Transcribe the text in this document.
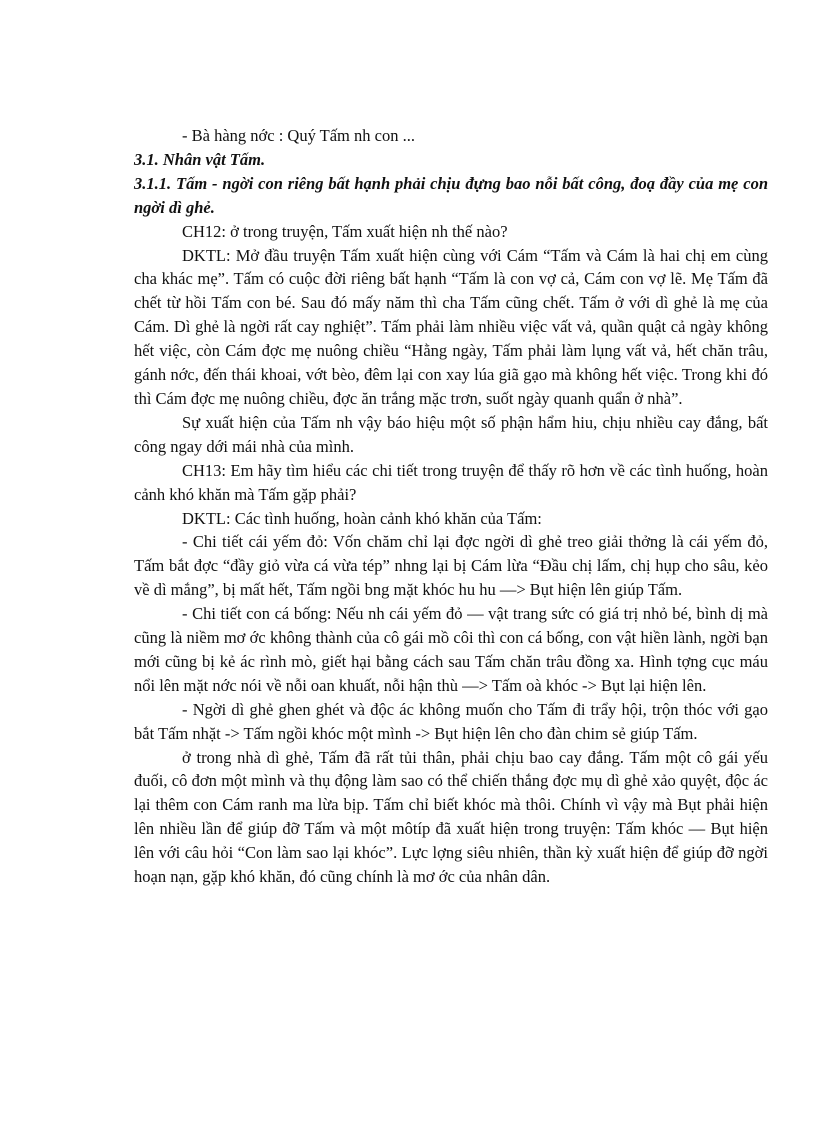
- Bà hàng nớc : Quý Tấm nh con ...

3.1. Nhân vật Tấm.

3.1.1. Tấm - ngời con riêng bất hạnh phải chịu đựng bao nỗi bất công, đoạ đầy của mẹ con ngời dì ghẻ.

CH12: ở trong truyện, Tấm xuất hiện nh thế nào?

DKTL: Mở đầu truyện Tấm xuất hiện cùng với Cám “Tấm và Cám là hai chị em cùng cha khác mẹ”. Tấm có cuộc đời riêng bất hạnh “Tấm là con vợ cả, Cám con vợ lẽ. Mẹ Tấm đã chết từ hồi Tấm con bé. Sau đó mấy năm thì cha Tấm cũng chết. Tấm ở với dì ghẻ là mẹ của Cám. Dì ghẻ là ngời rất cay nghiệt”. Tấm phải làm nhiều việc vất vả, quần quật cả ngày không hết việc, còn Cám đợc mẹ nuông chiều “Hằng ngày, Tấm phải làm lụng vất vả, hết chăn trâu, gánh nớc, đến thái khoai, vớt bèo, đêm lại con xay lúa giã gạo mà không hết việc. Trong khi đó thì Cám đợc mẹ nuông chiều, đợc ăn trắng mặc trơn, suốt ngày quanh quẩn ở nhà”.

Sự xuất hiện của Tấm nh vậy báo hiệu một số phận hẩm hiu, chịu nhiều cay đắng, bất công ngay dới mái nhà của mình.

CH13: Em hãy tìm hiểu các chi tiết trong truyện để thấy rõ hơn về các tình huống, hoàn cảnh khó khăn mà Tấm gặp phải?

DKTL: Các tình huống, hoàn cảnh khó khăn của Tấm:

- Chi tiết cái yếm đỏ: Vốn chăm chỉ lại đợc ngời dì ghẻ treo giải thởng là cái yếm đỏ, Tấm bắt đợc “đầy giỏ vừa cá vừa tép” nhng lại bị Cám lừa “Đầu chị lấm, chị hụp cho sâu, kẻo về dì mắng”, bị mất hết, Tấm ngồi bng mặt khóc hu hu —> Bụt hiện lên giúp Tấm.

- Chi tiết con cá bống: Nếu nh cái yếm đỏ — vật trang sức có giá trị nhỏ bé, bình dị mà cũng là niềm mơ ớc không thành của cô gái mồ côi thì con cá bống, con vật hiền lành, ngời bạn mới cũng bị kẻ ác rình mò, giết hại bằng cách sau Tấm chăn trâu đồng xa. Hình tợng cục máu nổi lên mặt nớc nói về nỗi oan khuất, nỗi hận thù —> Tấm oà khóc -> Bụt lại hiện lên.

- Ngời dì ghẻ ghen ghét và độc ác không muốn cho Tấm đi trẩy hội, trộn thóc với gạo bắt Tấm nhặt -> Tấm ngồi khóc một mình -> Bụt hiện lên cho đàn chim sẻ giúp Tấm.

ở trong nhà dì ghẻ, Tấm đã rất tủi thân, phải chịu bao cay đắng. Tấm một cô gái yếu đuối, cô đơn một mình và thụ động làm sao có thể chiến thắng đợc mụ dì ghẻ xảo quyệt, độc ác lại thêm con Cám ranh ma lừa bịp. Tấm chỉ biết khóc mà thôi. Chính vì vậy mà Bụt phải hiện lên nhiều lần để giúp đỡ Tấm và một môtíp đã xuất hiện trong truyện: Tấm khóc — Bụt hiện lên với câu hỏi “Con làm sao lại khóc”. Lực lợng siêu nhiên, thần kỳ xuất hiện để giúp đỡ ngời hoạn nạn, gặp khó khăn, đó cũng chính là mơ ớc của nhân dân.
